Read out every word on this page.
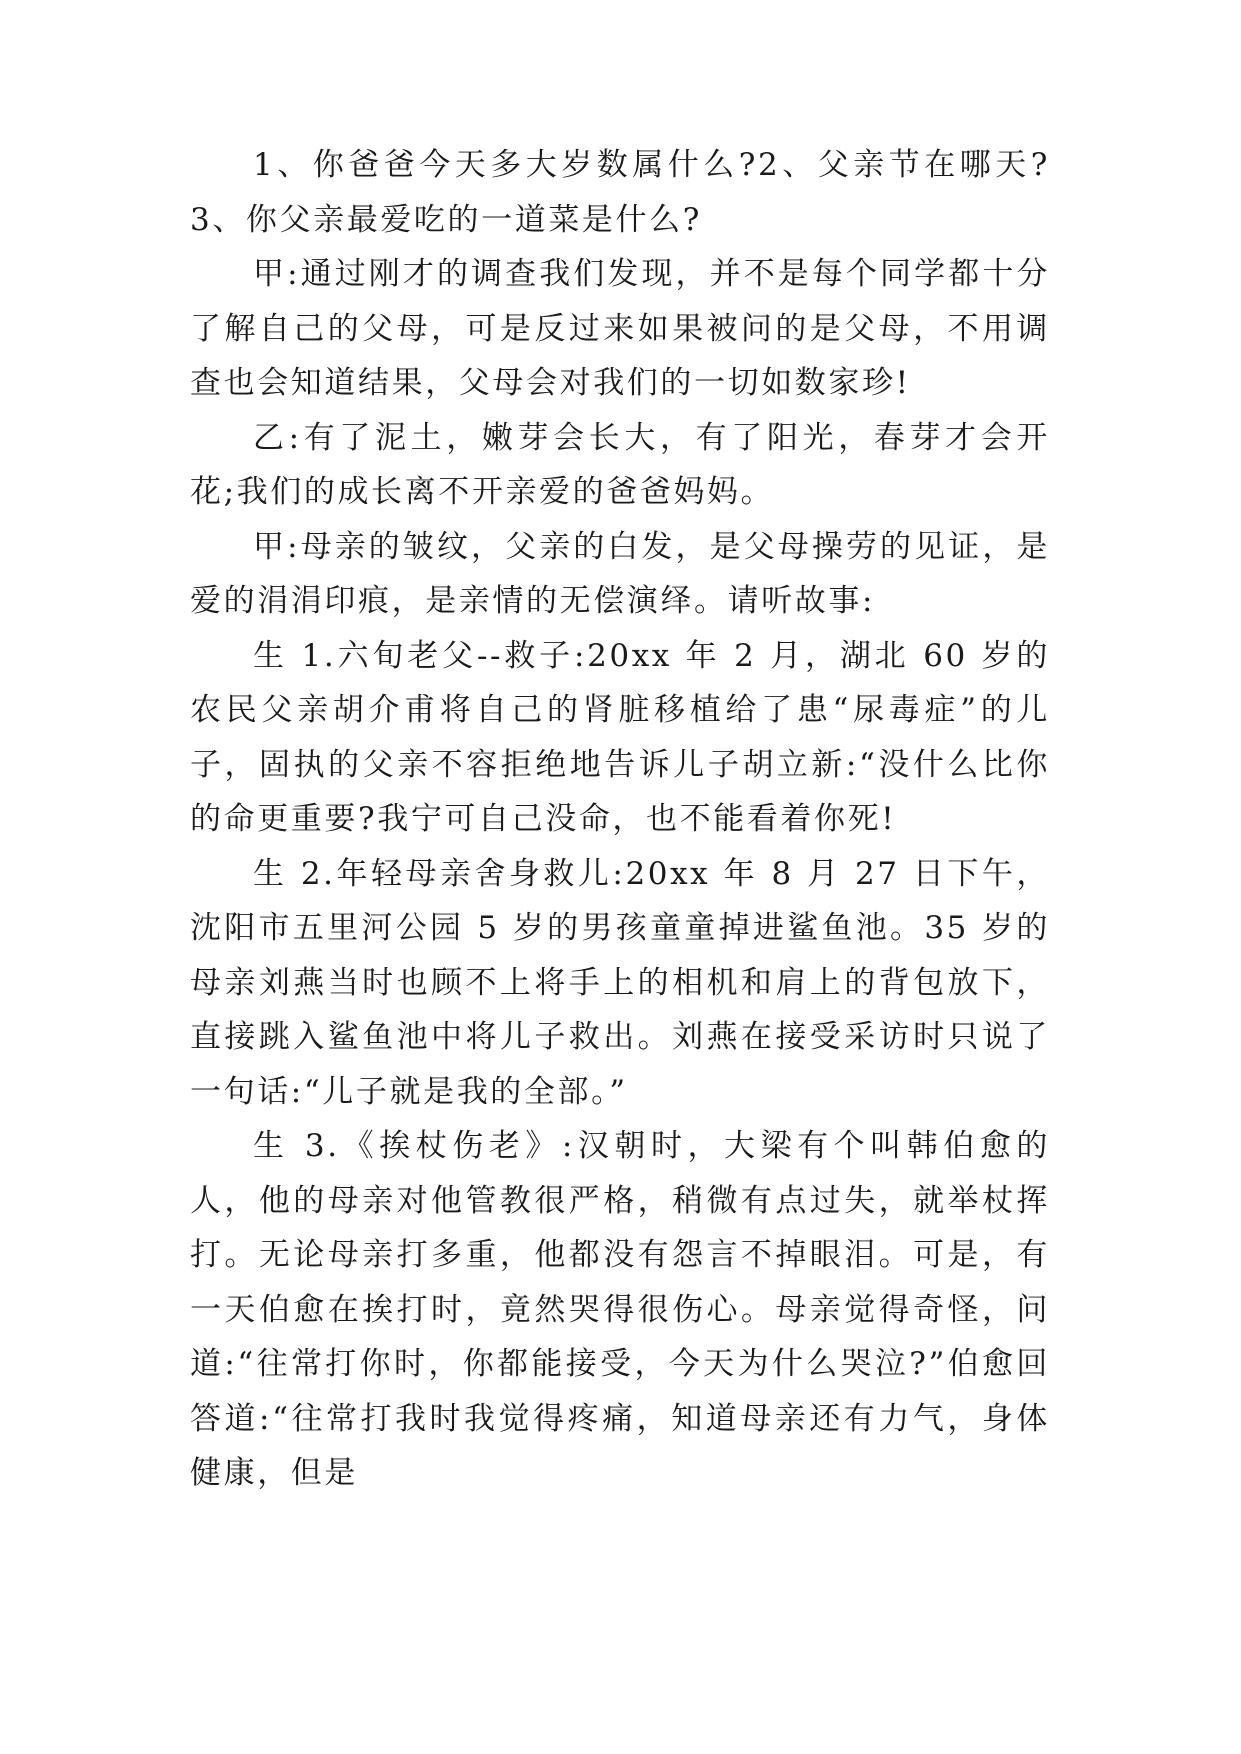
1、你爸爸今天多大岁数属什么?2、父亲节在哪天?3、你父亲最爱吃的一道菜是什么?

甲:通过刚才的调查我们发现，并不是每个同学都十分了解自己的父母，可是反过来如果被问的是父母，不用调查也会知道结果，父母会对我们的一切如数家珍!

乙:有了泥土，嫩芽会长大，有了阳光，春芽才会开花;我们的成长离不开亲爱的爸爸妈妈。

甲:母亲的皱纹，父亲的白发，是父母操劳的见证，是爱的涓涓印痕，是亲情的无偿演绎。请听故事:

生 1.六旬老父--救子:20xx 年 2 月，湖北 60 岁的农民父亲胡介甫将自己的肾脏移植给了患“尿毒症”的儿子，固执的父亲不容拒绝地告诉儿子胡立新:“没什么比你的命更重要?我宁可自己没命，也不能看着你死!

生 2.年轻母亲舍身救儿:20xx 年 8 月 27 日下午，沈阳市五里河公园 5 岁的男孩童童掉进鲨鱼池。35 岁的母亲刘燕当时也顾不上将手上的相机和肩上的背包放下，直接跳入鲨鱼池中将儿子救出。刘燕在接受采访时只说了一句话:“儿子就是我的全部。”

生 3.《挨杖伤老》:汉朝时，大梁有个叫韩伯愈的人，他的母亲对他管教很严格，稍微有点过失，就举杖挥打。无论母亲打多重，他都没有怨言不掉眼泪。可是，有一天伯愈在挨打时，竟然哭得很伤心。母亲觉得奇怪，问道:“往常打你时，你都能接受，今天为什么哭泣?”伯愈回答道:“往常打我时我觉得疼痛，知道母亲还有力气，身体健康，但是
